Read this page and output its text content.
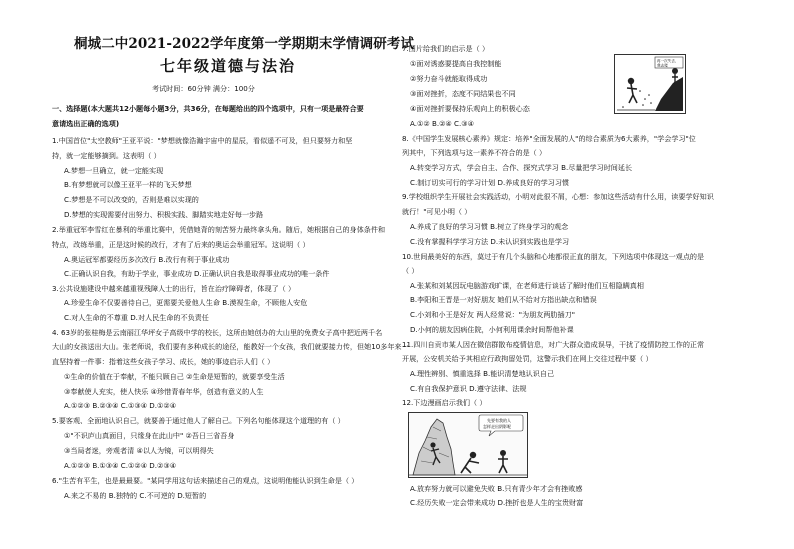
桐城二中2021-2022学年度第一学期期末学情调研考试
七年级道德与法治
考试时间：60分钟 满分：100分
一、选择题(本大题共12小题每小题3分，共36分，在每题给出的四个选项中，只有一项是最符合要
意请选出正确的选项)
1.中国首位"太空教师"王亚平说："梦想就像浩瀚宇宙中的星辰，看似遥不可及，但只要努力和坚
持，就一定能够摘到。这表明（ ）
A.梦想一旦确立，就一定能实现
B.有梦想就可以像王亚平一样的飞天梦想
C.梦想是不可以改变的，否则是难以实现的
D.梦想的实现需要付出努力、积极实践、脚踏实地走好每一步路
2.举重冠军李雪红在暴利的举重比赛中，凭借她背的刻苦努力最终拿头角。随后，她根据自己的身体条件和
特点，改练举重，正是这时候的改行，才有了后来的奥运会举重冠军。这说明（ ）
A.奥运冠军都要经历多次改行 B.改行有利于事业成功
C.正确认识自我，有助于学业，事业成功 D.正确认识自我是取得事业成功的唯一条件
3.公共设施建设中越来越重视残障人士的出行，旨在治疗障碍者，体现了（ ）
A.珍爱生命不仅要善待自己，更需要关爱他人生命 B.漠视生命，不顾他人安危
C.对人生命的不尊重 D.对人民生命的不负责任
4. 63岁的张桂梅是云南丽江华坪女子高级中学的校长，这所由她创办的大山里的免费女子高中把近两千名
大山的女孩送出大山。张老师说，我们要有多种成长的途径，能教好一个女孩，我们就要接力传，但她10多年来一
直坚持着一件事：指着这些女孩子学习、成长，她的事迹启示人们（ ）
①生命的价值在于奉献，不能只顾自己 ②生命是短暂的，就要享受生活
③奉献使人充实，使人快乐 ④珍惜青春年华，创造有意义的人生
A.①②③ B.②③④ C.①③④ D.①②④
5.要客观、全面地认识自己，就要善于通过他人了解自己。下列名句能体现这个道理的有（ ）
①"不识庐山真面目，只缘身在此山中" ②吾日三省吾身
③当局者迷，旁观者清 ④以人为镜，可以明得失
A.①②③ B.①③④ C.①②④ D.②③④
6."生苦有平生，也是最最要。"某同学用这句话来描述自己的观点，这说明他能认识到生命是（ ）
A.来之不易的 B.独特的 C.不可逆的 D.短暂的
7.图片给我们的启示是（ ）
①面对诱惑要提高自我控制能
②努力奋斗就能取得成功
③面对挫折，态度不同结果也不同
④面对挫折要保持乐观向上的积极心态
A.①② B.②④ C.③④
再一次失去，
我去爬
8.《中国学生发展核心素养》规定：培养"全面发展的人"的综合素质为6大素养，"学会学习"位
列其中，下列选项与这一素养不符合的是（ ）
A.转变学习方式，学会自主、合作、探究式学习 B.尽量把学习时间延长
C.制订切实可行的学习计划 D.养成良好的学习习惯
9.学校组织学生开展社会实践活动，小明对此很不屑，心想：参加这些活动有什么用，读要学好知识
就行！"可见小明（ ）
A.养成了良好的学习习惯 B.树立了终身学习的观念
C.没有掌握科学学习方法 D.未认识到实践也是学习
10.世间最美好的东西，莫过于有几个头脑和心地都很正直的朋友，下列选项中体现这一观点的是
（ ）
A.张某和刘某因玩电脑游戏旷课，在老师进行谈话了解时他们互相隐瞒真相
B.李阳和王晋是一对好朋友 她们从不给对方指出缺点和错误
C.小刘和小王是好友 两人经常说："为朋友两肋插刀"
D.小何的朋友因病住院，小何利用课余时间帮他补课
11.四川自贡市某人因在微信群散布疫情信息，对广大群众造成误导，干扰了疫情防控工作的正常
开展，公安机关给予其相应行政拘留处罚，这警示我们在网上交往过程中要（ ）
A.理性辨别、慎重选择 B.能识清楚地认识自己
C.有自我保护意识 D.遵守法律、法规
12.下边漫画启示我们（ ）
先要有我的人
怎样走出阴影呢
A.放弃努力就可以避免失败 B.只有青少年才会有挫败感
C.经历失败一定会带来成功 D.挫折也是人生的宝贵财富
